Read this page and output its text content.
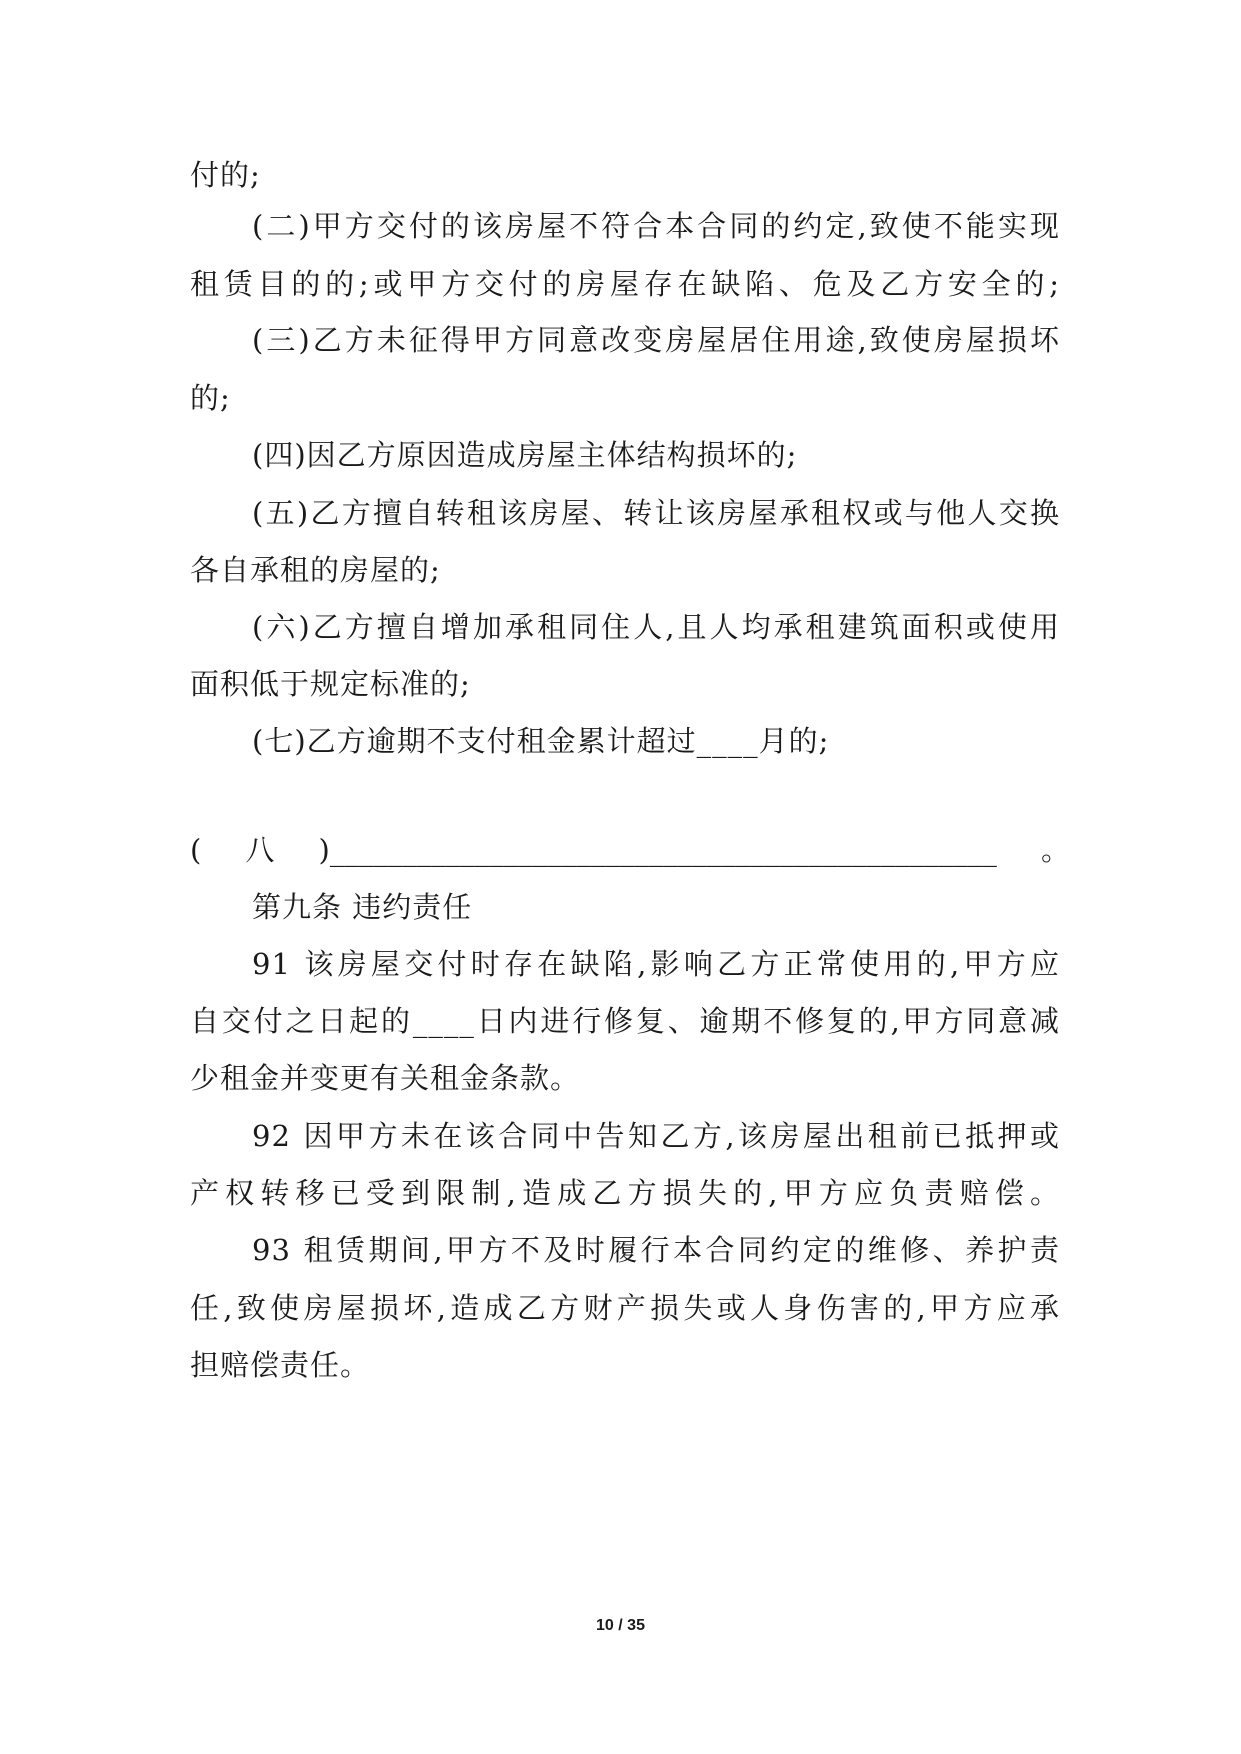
付的;
(二)甲方交付的该房屋不符合本合同的约定,致使不能实现
租赁目的的;或甲方交付的房屋存在缺陷、危及乙方安全的;
(三)乙方未征得甲方同意改变房屋居住用途,致使房屋损坏
的;
(四)因乙方原因造成房屋主体结构损坏的;
(五)乙方擅自转租该房屋、转让该房屋承租权或与他人交换
各自承租的房屋的;
(六)乙方擅自增加承租同住人,且人均承租建筑面积或使用
面积低于规定标准的;
(七)乙方逾期不支付租金累计超过____月的;
(八)______________________________________________。
第九条 违约责任
91 该房屋交付时存在缺陷,影响乙方正常使用的,甲方应
自交付之日起的____日内进行修复、逾期不修复的,甲方同意减
少租金并变更有关租金条款。
92 因甲方未在该合同中告知乙方,该房屋出租前已抵押或
产权转移已受到限制,造成乙方损失的,甲方应负责赔偿。
93 租赁期间,甲方不及时履行本合同约定的维修、养护责
任,致使房屋损坏,造成乙方财产损失或人身伤害的,甲方应承
担赔偿责任。
10 / 35
